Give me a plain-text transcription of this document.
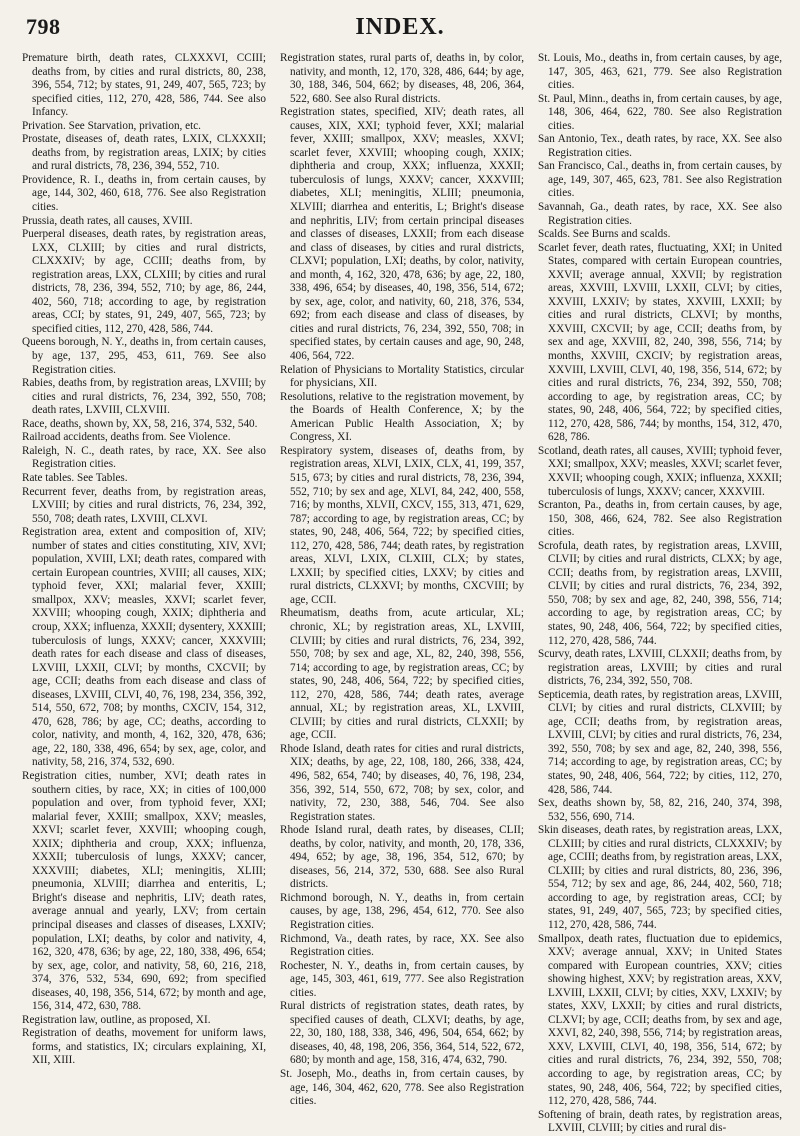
798	INDEX.

Premature birth, death rates, CLXXXVI, CCIII; deaths from, by cities and rural districts, 80, 238, 396, 554, 712; by states, 91, 249, 407, 565, 723; by specified cities, 112, 270, 428, 586, 744. See also Infancy.

Privation. See Starvation, privation, etc.

Prostate, diseases of, death rates, LXIX, CLXXXII; deaths from, by registration areas, LXIX; by cities and rural districts, 78, 236, 394, 552, 710.

Providence, R. I., deaths in, from certain causes, by age, 144, 302, 460, 618, 776. See also Registration cities.

Prussia, death rates, all causes, XVIII.

Puerperal diseases, death rates, by registration areas, LXX, CLXIII; by cities and rural districts, CLXXXIV; by age, CCIII; deaths from, by registration areas, LXX, CLXIII; by cities and rural districts, 78, 236, 394, 552, 710; by age, 86, 244, 402, 560, 718; according to age, by registration areas, CCI; by states, 91, 249, 407, 565, 723; by specified cities, 112, 270, 428, 586, 744.

Queens borough, N. Y., deaths in, from certain causes, by age, 137, 295, 453, 611, 769. See also Registration cities.

Rabies, deaths from, by registration areas, LXVIII; by cities and rural districts, 76, 234, 392, 550, 708; death rates, LXVIII, CLXVIII.

Race, deaths, shown by, XX, 58, 216, 374, 532, 540.

Railroad accidents, deaths from. See Violence.

Raleigh, N. C., death rates, by race, XX. See also Registration cities.

Rate tables. See Tables.

Recurrent fever, deaths from, by registration areas, LXVIII; by cities and rural districts, 76, 234, 392, 550, 708; death rates, LXVIII, CLXVI.

Registration area, extent and composition of, XIV; number of states and cities constituting, XIV, XVI; population, XVIII, LXI; death rates, compared with certain European countries, XVIII; all causes, XIX; typhoid fever, XXI; malarial fever, XXIII; smallpox, XXV; measles, XXVI; scarlet fever, XXVIII; whooping cough, XXIX; diphtheria and croup, XXX; influenza, XXXII; dysentery, XXXIII; tuberculosis of lungs, XXXV; cancer, XXXVIII; death rates for each disease and class of diseases, LXVIII, LXXII, CLVI; by months, CXCVII; by age, CCII; deaths from each disease and class of diseases, LXVIII, CLVI, 40, 76, 198, 234, 356, 392, 514, 550, 672, 708; by months, CXCIV, 154, 312, 470, 628, 786; by age, CC; deaths, according to color, nativity, and month, 4, 162, 320, 478, 636; age, 22, 180, 338, 496, 654; by sex, age, color, and nativity, 58, 216, 374, 532, 690.

Registration cities, number, XVI; death rates in southern cities, by race, XX; in cities of 100,000 population and over, from typhoid fever, XXI; malarial fever, XXIII; smallpox, XXV; measles, XXVI; scarlet fever, XXVIII; whooping cough, XXIX; diphtheria and croup, XXX; influenza, XXXII; tuberculosis of lungs, XXXV; cancer, XXXVIII; diabetes, XLI; meningitis, XLIII; pneumonia, XLVIII; diarrhea and enteritis, L; Bright's disease and nephritis, LIV; death rates, average annual and yearly, LXV; from certain principal diseases and classes of diseases, LXXIV; population, LXI; deaths, by color and nativity, 4, 162, 320, 478, 636; by age, 22, 180, 338, 496, 654; by sex, age, color, and nativity, 58, 60, 216, 218, 374, 376, 532, 534, 690, 692; from specified diseases, 40, 198, 356, 514, 672; by month and age, 156, 314, 472, 630, 788.

Registration law, outline, as proposed, XI.

Registration of deaths, movement for uniform laws, forms, and statistics, IX; circulars explaining, XI, XII, XIII.

Registration states, rural parts of, deaths in, by color, nativity, and month, 12, 170, 328, 486, 644; by age, 30, 188, 346, 504, 662; by diseases, 48, 206, 364, 522, 680. See also Rural districts.

Registration states, specified, XIV; death rates, all causes, XIX, XXI; typhoid fever, XXI; malarial fever, XXIII; smallpox, XXV; measles, XXVI; scarlet fever, XXVIII; whooping cough, XXIX; diphtheria and croup, XXX; influenza, XXXII; tuberculosis of lungs, XXXV; cancer, XXXVIII; diabetes, XLI; meningitis, XLIII; pneumonia, XLVIII; diarrhea and enteritis, L; Bright's disease and nephritis, LIV; from certain principal diseases and classes of diseases, LXXII; from each disease and class of diseases, by cities and rural districts, CLXVI; population, LXI; deaths, by color, nativity, and month, 4, 162, 320, 478, 636; by age, 22, 180, 338, 496, 654; by diseases, 40, 198, 356, 514, 672; by sex, age, color, and nativity, 60, 218, 376, 534, 692; from each disease and class of diseases, by cities and rural districts, 76, 234, 392, 550, 708; in specified states, by certain causes and age, 90, 248, 406, 564, 722.

Relation of Physicians to Mortality Statistics, circular for physicians, XII.

Resolutions, relative to the registration movement, by the Boards of Health Conference, X; by the American Public Health Association, X; by Congress, XI.

Respiratory system, diseases of, deaths from, by registration areas, XLVI, LXIX, CLX, 41, 199, 357, 515, 673; by cities and rural districts, 78, 236, 394, 552, 710; by sex and age, XLVI, 84, 242, 400, 558, 716; by months, XLVII, CXCV, 155, 313, 471, 629, 787; according to age, by registration areas, CC; by states, 90, 248, 406, 564, 722; by specified cities, 112, 270, 428, 586, 744; death rates, by registration areas, XLVI, LXIX, CLXIII, CLX; by states, LXXII; by specified cities, LXXV; by cities and rural districts, CLXXVI; by months, CXCVIII; by age, CCII.

Rheumatism, deaths from, acute articular, XL; chronic, XL; by registration areas, XL, LXVIII, CLVIII; by cities and rural districts, 76, 234, 392, 550, 708; by sex and age, XL, 82, 240, 398, 556, 714; according to age, by registration areas, CC; by states, 90, 248, 406, 564, 722; by specified cities, 112, 270, 428, 586, 744; death rates, average annual, XL; by registration areas, XL, LXVIII, CLVIII; by cities and rural districts, CLXXII; by age, CCII.

Rhode Island, death rates for cities and rural districts, XIX; deaths, by age, 22, 108, 180, 266, 338, 424, 496, 582, 654, 740; by diseases, 40, 76, 198, 234, 356, 392, 514, 550, 672, 708; by sex, color, and nativity, 72, 230, 388, 546, 704. See also Registration states.

Rhode Island rural, death rates, by diseases, CLII; deaths, by color, nativity, and month, 20, 178, 336, 494, 652; by age, 38, 196, 354, 512, 670; by diseases, 56, 214, 372, 530, 688. See also Rural districts.

Richmond borough, N. Y., deaths in, from certain causes, by age, 138, 296, 454, 612, 770. See also Registration cities.

Richmond, Va., death rates, by race, XX. See also Registration cities.

Rochester, N. Y., deaths in, from certain causes, by age, 145, 303, 461, 619, 777. See also Registration cities.

Rural districts of registration states, death rates, by specified causes of death, CLXVI; deaths, by age, 22, 30, 180, 188, 338, 346, 496, 504, 654, 662; by diseases, 40, 48, 198, 206, 356, 364, 514, 522, 672, 680; by month and age, 158, 316, 474, 632, 790.

St. Joseph, Mo., deaths in, from certain causes, by age, 146, 304, 462, 620, 778. See also Registration cities.

St. Louis, Mo., deaths in, from certain causes, by age, 147, 305, 463, 621, 779. See also Registration cities.

St. Paul, Minn., deaths in, from certain causes, by age, 148, 306, 464, 622, 780. See also Registration cities.

San Antonio, Tex., death rates, by race, XX. See also Registration cities.

San Francisco, Cal., deaths in, from certain causes, by age, 149, 307, 465, 623, 781. See also Registration cities.

Savannah, Ga., death rates, by race, XX. See also Registration cities.

Scalds. See Burns and scalds.

Scarlet fever, death rates, fluctuating, XXI; in United States, compared with certain European countries, XXVII; average annual, XXVII; by registration areas, XXVIII, LXVIII, LXXII, CLVI; by cities, XXVIII, LXXIV; by states, XXVIII, LXXII; by cities and rural districts, CLXVI; by months, XXVIII, CXCVII; by age, CCII; deaths from, by sex and age, XXVIII, 82, 240, 398, 556, 714; by months, XXVIII, CXCIV; by registration areas, XXVIII, LXVIII, CLVI, 40, 198, 356, 514, 672; by cities and rural districts, 76, 234, 392, 550, 708; according to age, by registration areas, CC; by states, 90, 248, 406, 564, 722; by specified cities, 112, 270, 428, 586, 744; by months, 154, 312, 470, 628, 786.

Scotland, death rates, all causes, XVIII; typhoid fever, XXI; smallpox, XXV; measles, XXVI; scarlet fever, XXVII; whooping cough, XXIX; influenza, XXXII; tuberculosis of lungs, XXXV; cancer, XXXVIII.

Scranton, Pa., deaths in, from certain causes, by age, 150, 308, 466, 624, 782. See also Registration cities.

Scrofula, death rates, by registration areas, LXVIII, CLVII; by cities and rural districts, CLXX; by age, CCII; deaths from, by registration areas, LXVIII, CLVII; by cities and rural districts, 76, 234, 392, 550, 708; by sex and age, 82, 240, 398, 556, 714; according to age, by registration areas, CC; by states, 90, 248, 406, 564, 722; by specified cities, 112, 270, 428, 586, 744.

Scurvy, death rates, LXVIII, CLXXII; deaths from, by registration areas, LXVIII; by cities and rural districts, 76, 234, 392, 550, 708.

Septicemia, death rates, by registration areas, LXVIII, CLVI; by cities and rural districts, CLXVIII; by age, CCII; deaths from, by registration areas, LXVIII, CLVI; by cities and rural districts, 76, 234, 392, 550, 708; by sex and age, 82, 240, 398, 556, 714; according to age, by registration areas, CC; by states, 90, 248, 406, 564, 722; by cities, 112, 270, 428, 586, 744.

Sex, deaths shown by, 58, 82, 216, 240, 374, 398, 532, 556, 690, 714.

Skin diseases, death rates, by registration areas, LXX, CLXIII; by cities and rural districts, CLXXXIV; by age, CCIII; deaths from, by registration areas, LXX, CLXIII; by cities and rural districts, 80, 236, 396, 554, 712; by sex and age, 86, 244, 402, 560, 718; according to age, by registration areas, CCI; by states, 91, 249, 407, 565, 723; by specified cities, 112, 270, 428, 586, 744.

Smallpox, death rates, fluctuation due to epidemics, XXV; average annual, XXV; in United States compared with European countries, XXV; cities showing highest, XXV; by registration areas, XXV, LXVIII, LXXII, CLVI; by cities, XXV, LXXIV; by states, XXV, LXXII; by cities and rural districts, CLXVI; by age, CCII; deaths from, by sex and age, XXVI, 82, 240, 398, 556, 714; by registration areas, XXV, LXVIII, CLVI, 40, 198, 356, 514, 672; by cities and rural districts, 76, 234, 392, 550, 708; according to age, by registration areas, CC; by states, 90, 248, 406, 564, 722; by specified cities, 112, 270, 428, 586, 744.

Softening of brain, death rates, by registration areas, LXVIII, CLVIII; by cities and rural dis-
